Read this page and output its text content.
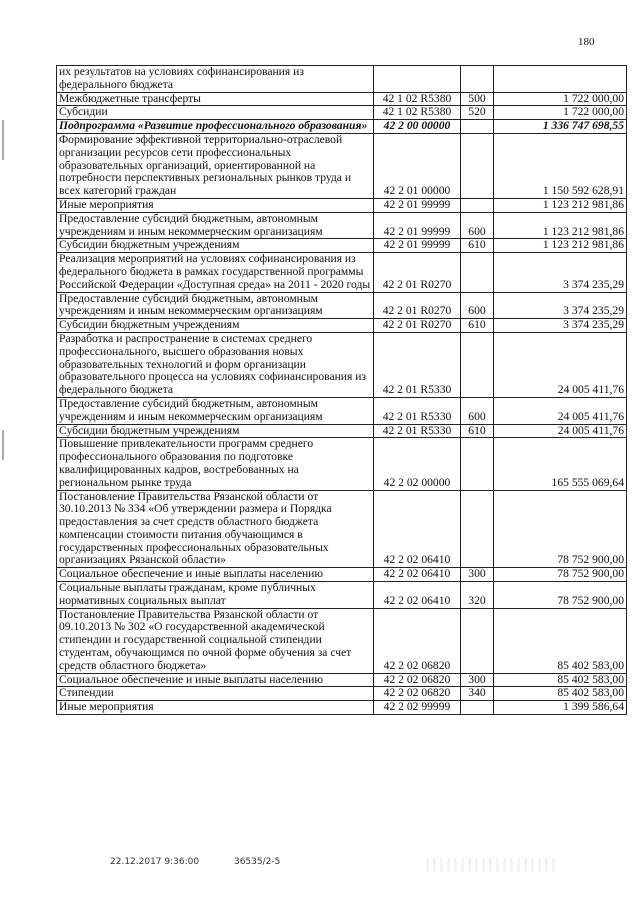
180
их результатов на условиях софинансирования из федерального бюджета			
Межбюджетные трансферты	42 1 02 R5380	500	1 722 000,00
Субсидии	42 1 02 R5380	520	1 722 000,00
Подпрограмма «Развитие профессионального образования»	42 2 00 00000		1 336 747 698,55
Формирование эффективной территориально-отраслевой организации ресурсов сети профессиональных образовательных организаций, ориентированной на потребности перспективных региональных рынков труда и всех категорий граждан	42 2 01 00000		1 150 592 628,91
Иные мероприятия	42 2 01 99999		1 123 212 981,86
Предоставление субсидий бюджетным, автономным учреждениям и иным некоммерческим организациям	42 2 01 99999	600	1 123 212 981,86
Субсидии бюджетным учреждениям	42 2 01 99999	610	1 123 212 981,86
Реализация мероприятий на условиях софинансирования из федерального бюджета в рамках государственной программы Российской Федерации «Доступная среда» на 2011 - 2020 годы	42 2 01 R0270		3 374 235,29
Предоставление субсидий бюджетным, автономным учреждениям и иным некоммерческим организациям	42 2 01 R0270	600	3 374 235,29
Субсидии бюджетным учреждениям	42 2 01 R0270	610	3 374 235,29
Разработка и распространение в системах среднего профессионального, высшего образования новых образовательных технологий и форм организации образовательного процесса на условиях софинансирования из федерального бюджета	42 2 01 R5330		24 005 411,76
Предоставление субсидий бюджетным, автономным учреждениям и иным некоммерческим организациям	42 2 01 R5330	600	24 005 411,76
Субсидии бюджетным учреждениям	42 2 01 R5330	610	24 005 411,76
Повышение привлекательности программ среднего профессионального образования по подготовке квалифицированных кадров, востребованных на региональном рынке труда	42 2 02 00000		165 555 069,64
Постановление Правительства Рязанской области от 30.10.2013 № 334 «Об утверждении размера и Порядка предоставления за счет средств областного бюджета компенсации стоимости питания обучающимся в государственных профессиональных образовательных организациях Рязанской области»	42 2 02 06410		78 752 900,00
Социальное обеспечение и иные выплаты населению	42 2 02 06410	300	78 752 900,00
Социальные выплаты гражданам, кроме публичных нормативных социальных выплат	42 2 02 06410	320	78 752 900,00
Постановление Правительства Рязанской области от 09.10.2013 № 302 «О государственной академической стипендии и государственной социальной стипендии студентам, обучающимся по очной форме обучения за счет средств областного бюджета»	42 2 02 06820		85 402 583,00
Социальное обеспечение и иные выплаты населению	42 2 02 06820	300	85 402 583,00
Стипендии	42 2 02 06820	340	85 402 583,00
Иные мероприятия	42 2 02 99999		1 399 586,64
22.12.2017 9:36:00	36535/2-5
